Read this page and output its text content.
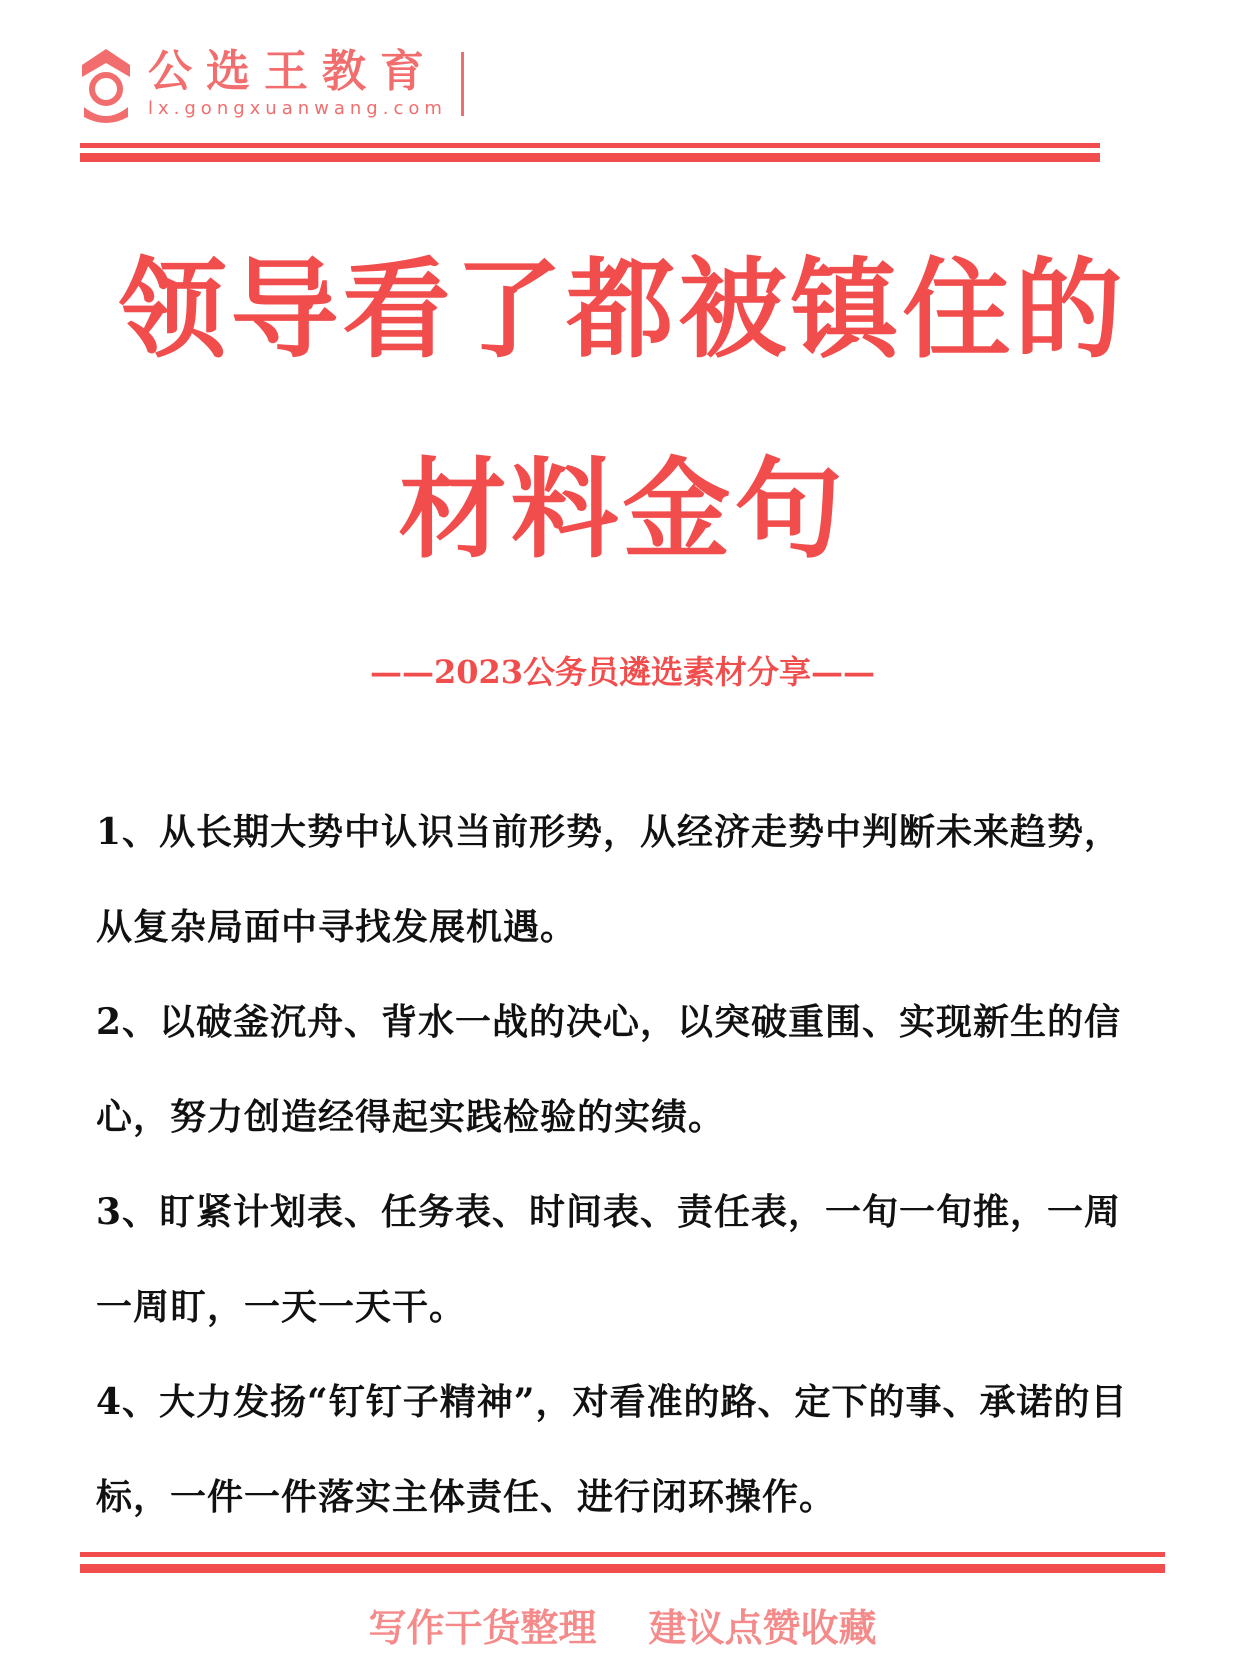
公选王教育
lx.gongxuanwang.com
领导看了都被镇住的
材料金句
——2023公务员遴选素材分享——
1、从长期大势中认识当前形势，从经济走势中判断未来趋势，从复杂局面中寻找发展机遇。
2、以破釜沉舟、背水一战的决心，以突破重围、实现新生的信心，努力创造经得起实践检验的实绩。
3、盯紧计划表、任务表、时间表、责任表，一旬一旬推，一周一周盯，一天一天干。
4、大力发扬“钉钉子精神”，对看准的路、定下的事、承诺的目标，一件一件落实主体责任、进行闭环操作。
写作干货整理 建议点赞收藏
